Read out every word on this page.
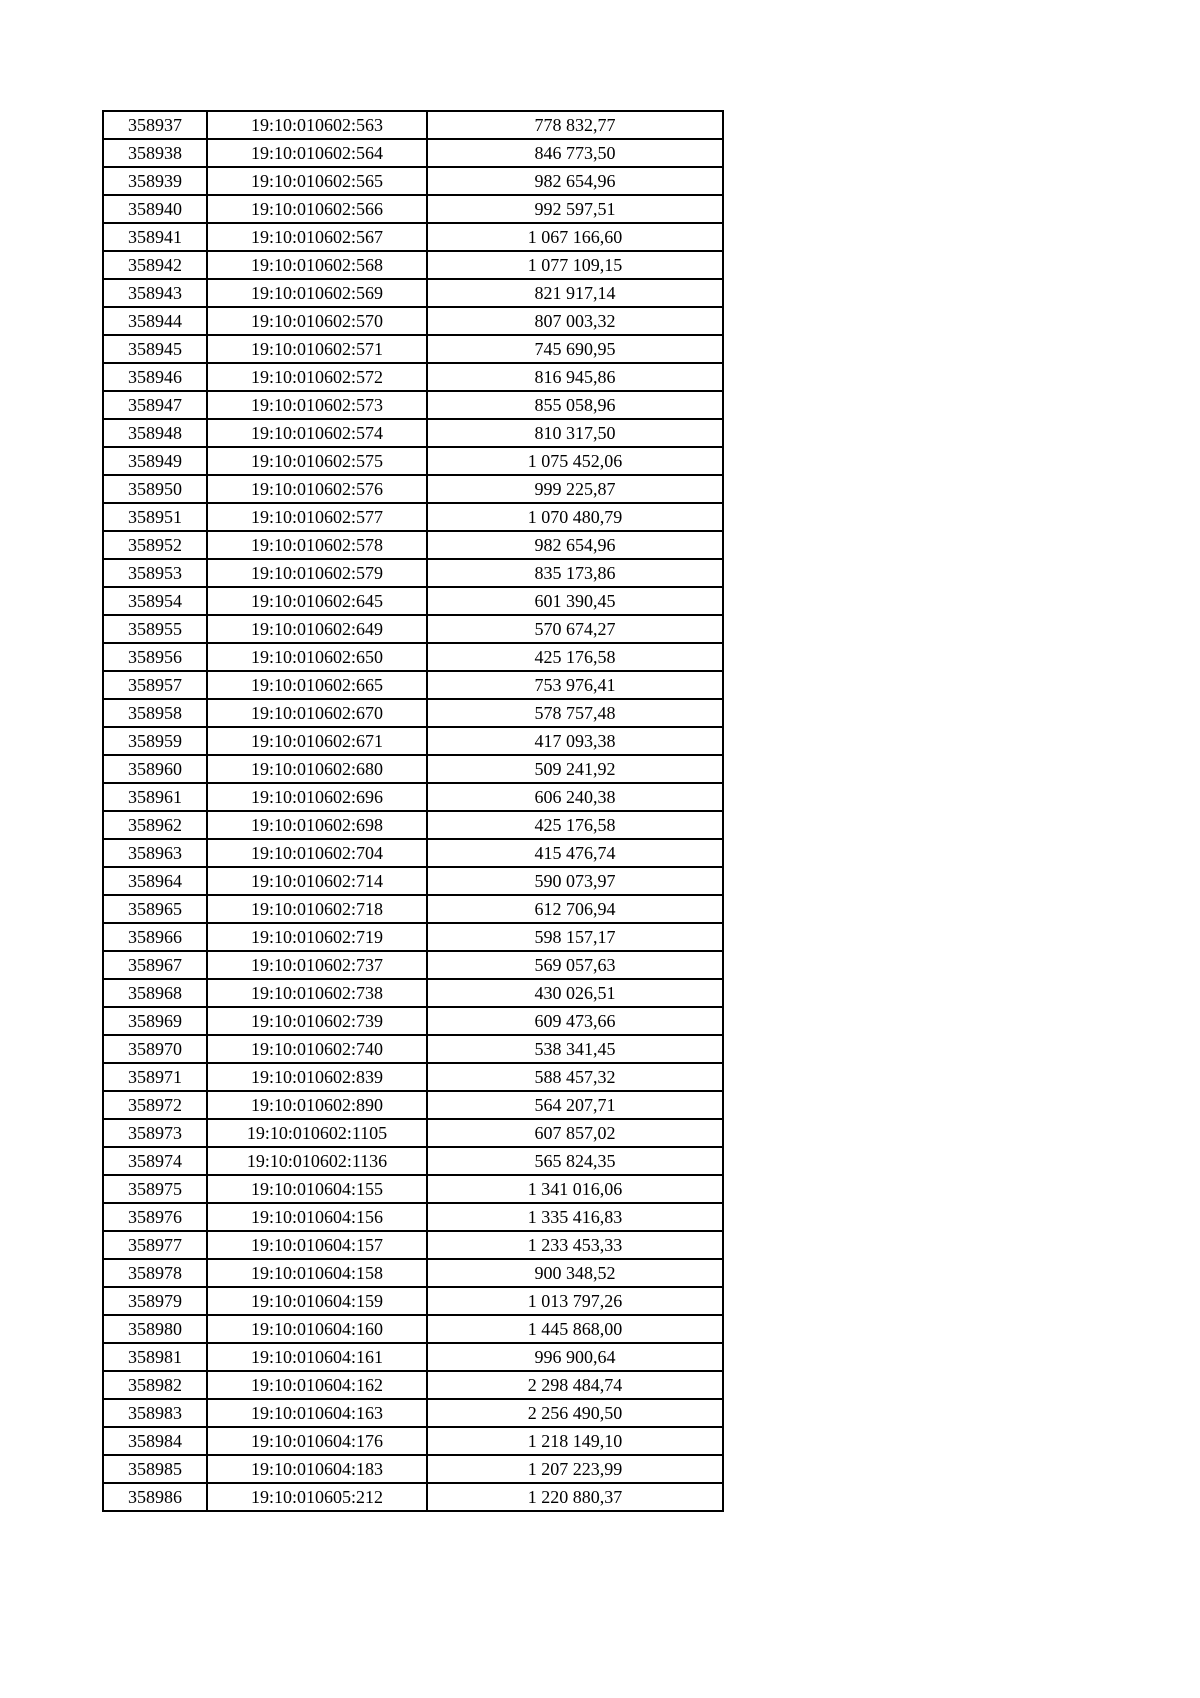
358937	19:10:010602:563	778 832,77
358938	19:10:010602:564	846 773,50
358939	19:10:010602:565	982 654,96
358940	19:10:010602:566	992 597,51
358941	19:10:010602:567	1 067 166,60
358942	19:10:010602:568	1 077 109,15
358943	19:10:010602:569	821 917,14
358944	19:10:010602:570	807 003,32
358945	19:10:010602:571	745 690,95
358946	19:10:010602:572	816 945,86
358947	19:10:010602:573	855 058,96
358948	19:10:010602:574	810 317,50
358949	19:10:010602:575	1 075 452,06
358950	19:10:010602:576	999 225,87
358951	19:10:010602:577	1 070 480,79
358952	19:10:010602:578	982 654,96
358953	19:10:010602:579	835 173,86
358954	19:10:010602:645	601 390,45
358955	19:10:010602:649	570 674,27
358956	19:10:010602:650	425 176,58
358957	19:10:010602:665	753 976,41
358958	19:10:010602:670	578 757,48
358959	19:10:010602:671	417 093,38
358960	19:10:010602:680	509 241,92
358961	19:10:010602:696	606 240,38
358962	19:10:010602:698	425 176,58
358963	19:10:010602:704	415 476,74
358964	19:10:010602:714	590 073,97
358965	19:10:010602:718	612 706,94
358966	19:10:010602:719	598 157,17
358967	19:10:010602:737	569 057,63
358968	19:10:010602:738	430 026,51
358969	19:10:010602:739	609 473,66
358970	19:10:010602:740	538 341,45
358971	19:10:010602:839	588 457,32
358972	19:10:010602:890	564 207,71
358973	19:10:010602:1105	607 857,02
358974	19:10:010602:1136	565 824,35
358975	19:10:010604:155	1 341 016,06
358976	19:10:010604:156	1 335 416,83
358977	19:10:010604:157	1 233 453,33
358978	19:10:010604:158	900 348,52
358979	19:10:010604:159	1 013 797,26
358980	19:10:010604:160	1 445 868,00
358981	19:10:010604:161	996 900,64
358982	19:10:010604:162	2 298 484,74
358983	19:10:010604:163	2 256 490,50
358984	19:10:010604:176	1 218 149,10
358985	19:10:010604:183	1 207 223,99
358986	19:10:010605:212	1 220 880,37
